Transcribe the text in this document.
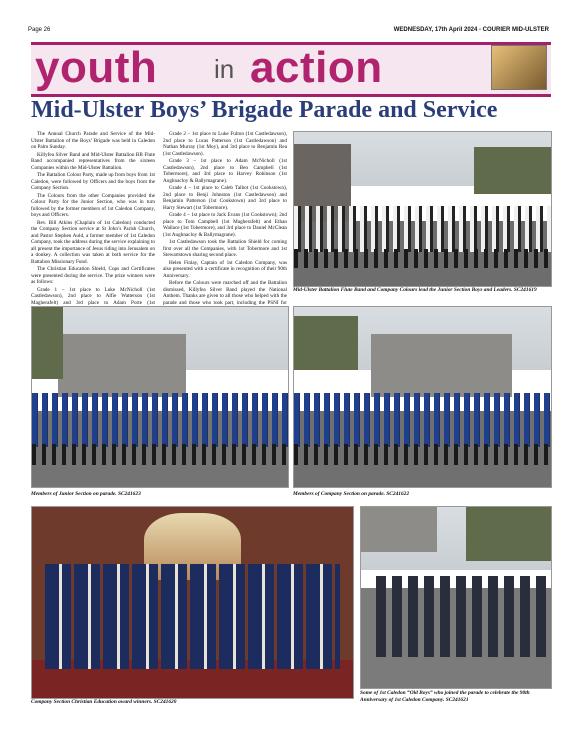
Page 26	WEDNESDAY, 17th April 2024 - COURIER MID-ULSTER
youth in action
Mid-Ulster Boys’ Brigade Parade and Service

The Annual Church Parade and Service of the Mid-Ulster Battalion of the Boys’ Brigade was held in Caledon on Palm Sunday.

Killyfea Silver Band and Mid-Ulster Battalion BB Flute Band accompanied representatives from the sixteen Companies within the Mid-Ulster Battalion.

The Battalion Colour Party, made up from boys from 1st Caledon, were followed by Officers and the boys from the Company Section.

The Colours from the other Companies provided the Colour Party for the Junior Section, who was in turn followed by the former members of 1st Caledon Company, boys and Officers.

Rev. Bill Atkins (Chaplain of 1st Caledon) conducted the Company Section service at St John’s Parish Church, and Pastor Stephen Auld, a former member of 1st Caledon Company, took the address during the service explaining to all present the importance of Jesus riding into Jerusalem on a donkey. A collection was taken at both service for the Battalion Missionary Fund.

The Christian Education Shield, Cups and Certificates were presented during the service. The prize winners were as follows:

Grade 1 – 1st place to Luke McNicholl (1st Castledawson), 2nd place to Alfie Watterson (1st Magherafelt) and 3rd place to Adam Porte (1st

Grade 2 – 1st place to Luke Fulton (1st Castledawson), 2nd place to Lucas Patterson (1st Castledawson) and Nathan Murray (1st Moy), and 3rd place to Benjamin Rea (1st Castledawson).

Grade 3 – 1st place to Adam McNicholl (1st Castledawson), 2nd place to Ben Campbell (1st Tobermore), and 3rd place to Harvey Robinson (1st Aughnacloy & Ballymagrane).

Grade 4 – 1st place to Caleb Talbot (1st Cookstown), 2nd place to Benji Johnston (1st Castledawson) and Benjamin Patterson (1st Cookstown) and 3rd place to Harry Stewart (1st Tobermore).

Grade 4 – 1st place to Jack Evans (1st Cookstown); 2nd place to Tom Campbell (1st Magherafelt) and Ethan Wallace (1st Tobermore), and 3rd place to Daniel McClean (1st Aughnacloy & Ballymagrane).

1st Castledawson took the Battalion Shield for coming first over all the Companies, with 1st Tobermore and 1st Stewartstown sharing second place.

Helen Finlay, Captain of 1st Caledon Company, was also presented with a certificate in recognition of their 90th Anniversary.

Before the Colours were marched off and the Battalion dismissed, Killyfea Silver Band played the National Anthem. Thanks are given to all those who helped with the parade and those who took part, including the PSNI for

Mid-Ulster Battalion Flute Band and Company Colours lead the Junior Section Boys and Leaders. SC241619
Members of Junior Section on parade. SC241623	Members of Company Section on parade. SC241622
Company Section Christian Education award winners. SC241620
Some of 1st Caledon “Old Boys” who joined the parade to celebrate the 90th Anniversary of 1st Caledon Company. SC241621
